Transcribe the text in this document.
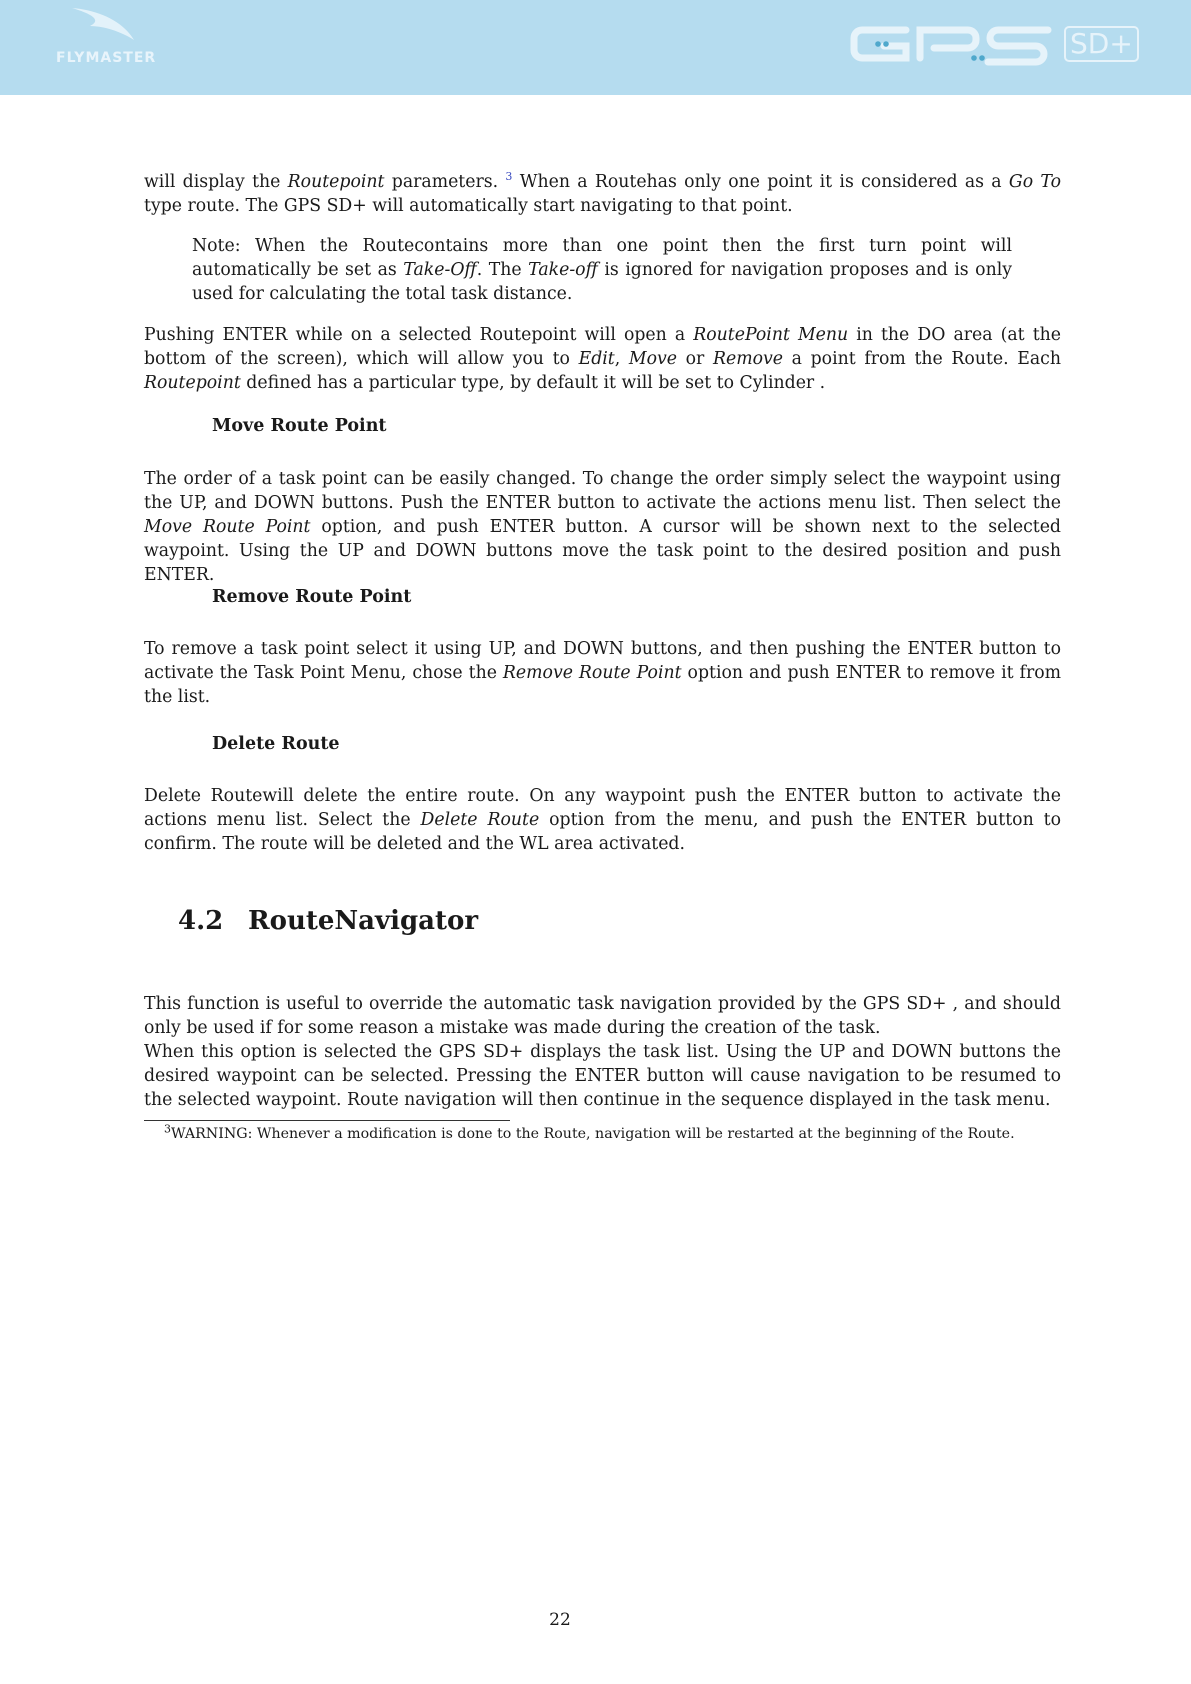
FLYMASTER	SD+

will display the Routepoint parameters. $^3$ When a Routehas only one point it is considered as a Go To type route. The GPS SD+ will automatically start navigating to that point.

Note: When the Routecontains more than one point then the first turn point will automatically be set as Take-Off. The Take-off is ignored for navigation proposes and is only used for calculating the total task distance.

Pushing ENTER while on a selected Routepoint will open a RoutePoint Menu in the DO area (at the bottom of the screen), which will allow you to Edit, Move or Remove a point from the Route. Each Routepoint defined has a particular type, by default it will be set to Cylinder .

Move Route Point

The order of a task point can be easily changed. To change the order simply select the waypoint using the UP, and DOWN buttons. Push the ENTER button to activate the actions menu list. Then select the Move Route Point option, and push ENTER button. A cursor will be shown next to the selected waypoint. Using the UP and DOWN buttons move the task point to the desired position and push ENTER.

Remove Route Point

To remove a task point select it using UP, and DOWN buttons, and then pushing the ENTER button to activate the Task Point Menu, chose the Remove Route Point option and push ENTER to remove it from the list.

Delete Route

Delete Routewill delete the entire route. On any waypoint push the ENTER button to activate the actions menu list. Select the Delete Route option from the menu, and push the ENTER button to confirm. The route will be deleted and the WL area activated.

4.2 RouteNavigator

This function is useful to override the automatic task navigation provided by the GPS SD+ , and should only be used if for some reason a mistake was made during the creation of the task.

When this option is selected the GPS SD+ displays the task list. Using the UP and DOWN buttons the desired waypoint can be selected. Pressing the ENTER button will cause navigation to be resumed to the selected waypoint. Route navigation will then continue in the sequence displayed in the task menu.

$^3$WARNING: Whenever a modification is done to the Route, navigation will be restarted at the beginning of the Route.
22
